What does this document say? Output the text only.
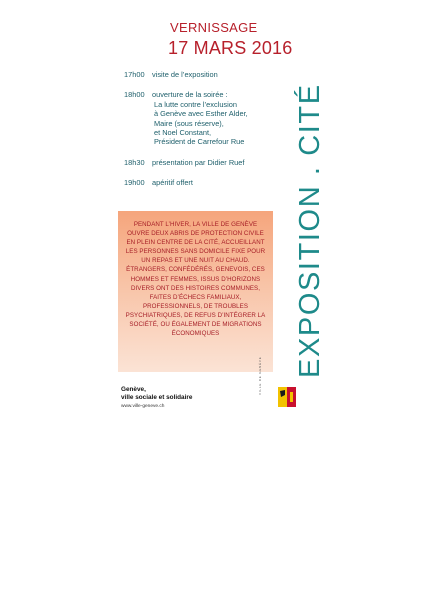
VERNISSAGE
17 MARS 2016
17h00	visite de l’exposition
18h00	ouverture de la soirée :
La lutte contre l’exclusion
à Genève avec Esther Alder,
Maire (sous réserve),
et Noel Constant,
Président de Carrefour Rue
18h30	présentation par Didier Ruef
19h00	apéritif offert

PENDANT L’HIVER, LA VILLE DE GENÈVE OUVRE DEUX ABRIS DE PROTECTION CIVILE EN PLEIN CENTRE DE LA CITÉ, ACCUEILLANT LES PERSONNES SANS DOMICILE FIXE POUR UN REPAS ET UNE NUIT AU CHAUD.

ÉTRANGERS, CONFÉDÉRÉS, GENEVOIS, CES HOMMES ET FEMMES, ISSUS D’HORIZONS DIVERS ONT DES HISTOIRES COMMUNES, FAITES D’ÉCHECS FAMILIAUX, PROFESSIONNELS, DE TROUBLES PSYCHIATRIQUES, DE REFUS D’INTÉGRER LA SOCIÉTÉ, OU ÉGALEMENT DE MIGRATIONS ÉCONOMIQUES	EXPOSITION . CITÉ
Genève,
ville sociale et solidaire
www.ville-geneve.ch
VILLE DE GENÈVE
